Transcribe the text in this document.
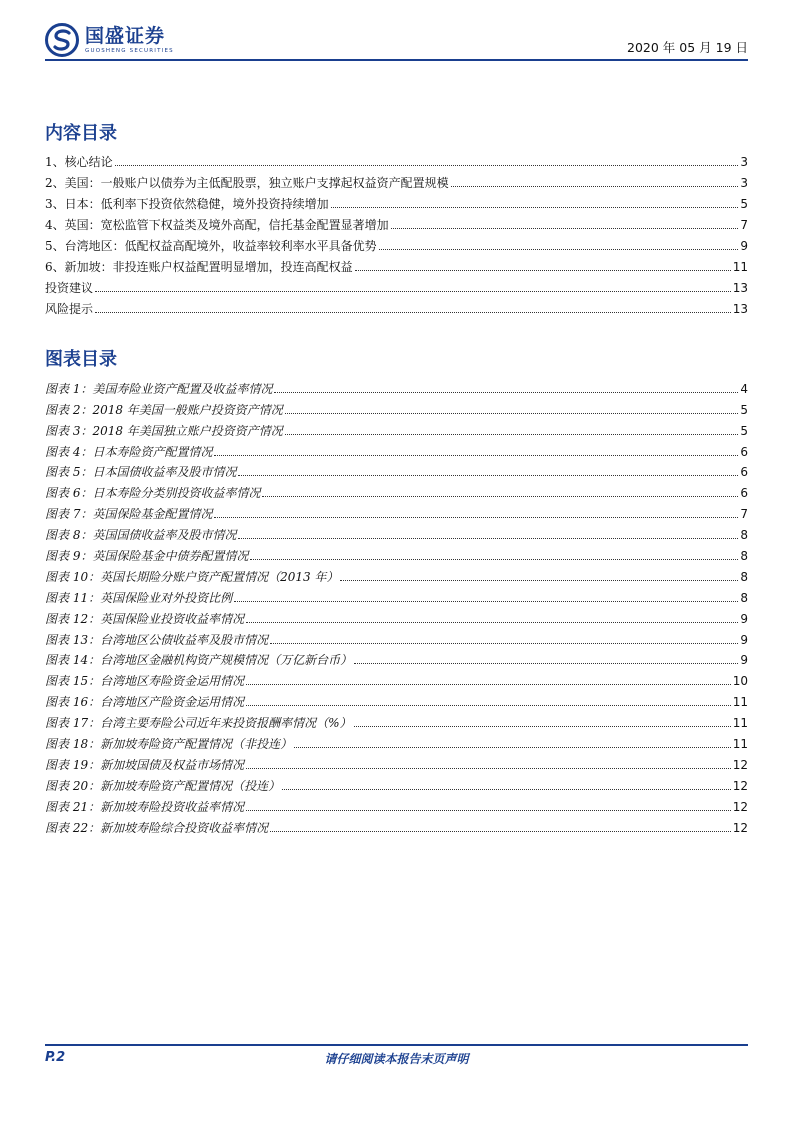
国盛证券
GUOSHENG SECURITIES	2020 年 05 月 19 日
内容目录
1、核心结论	3
2、美国：一般账户以债券为主低配股票，独立账户支撑起权益资产配置规模	3
3、日本：低利率下投资依然稳健，境外投资持续增加	5
4、英国：宽松监管下权益类及境外高配，信托基金配置显著增加	7
5、台湾地区：低配权益高配境外，收益率较利率水平具备优势	9
6、新加坡：非投连账户权益配置明显增加，投连高配权益	11
投资建议	13
风险提示	13
图表目录
图表 1：美国寿险业资产配置及收益率情况	4
图表 2：2018 年美国一般账户投资资产情况	5
图表 3：2018 年美国独立账户投资资产情况	5
图表 4：日本寿险资产配置情况	6
图表 5：日本国债收益率及股市情况	6
图表 6：日本寿险分类别投资收益率情况	6
图表 7：英国保险基金配置情况	7
图表 8：英国国债收益率及股市情况	8
图表 9：英国保险基金中债券配置情况	8
图表 10：英国长期险分账户资产配置情况（2013 年）	8
图表 11：英国保险业对外投资比例	8
图表 12：英国保险业投资收益率情况	9
图表 13：台湾地区公债收益率及股市情况	9
图表 14：台湾地区金融机构资产规模情况（万亿新台币）	9
图表 15：台湾地区寿险资金运用情况	10
图表 16：台湾地区产险资金运用情况	11
图表 17：台湾主要寿险公司近年来投资报酬率情况（%）	11
图表 18：新加坡寿险资产配置情况（非投连）	11
图表 19：新加坡国债及权益市场情况	12
图表 20：新加坡寿险资产配置情况（投连）	12
图表 21：新加坡寿险投资收益率情况	12
图表 22：新加坡寿险综合投资收益率情况	12
P.2	请仔细阅读本报告末页声明
